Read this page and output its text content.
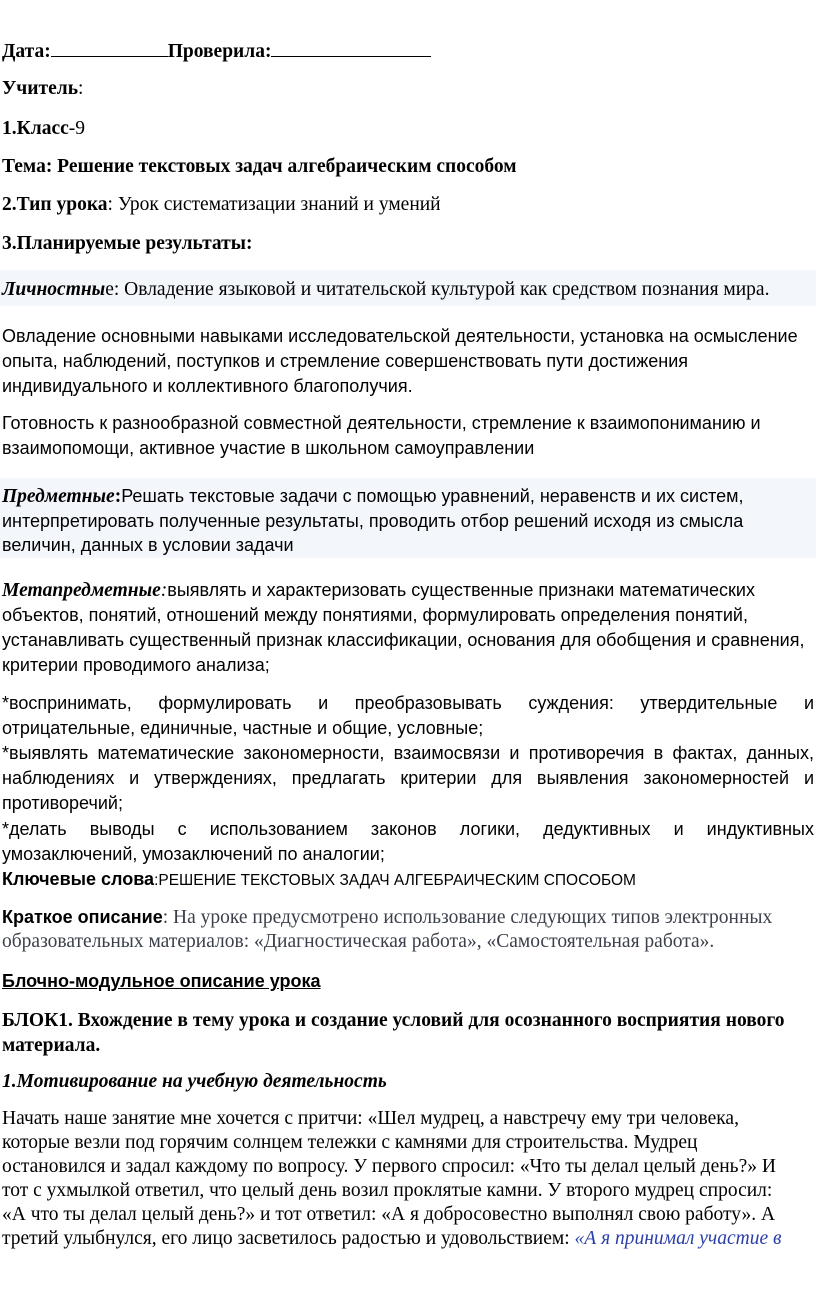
Дата:	Проверила:
Учитель:
1.Класс-9
Тема: Решение текстовых задач алгебраическим способом
2.Тип урока: Урок систематизации знаний и умений
3.Планируемые результаты:
Личностные: Овладение языковой и читательской культурой как средством познания мира.
Овладение основными навыками исследовательской деятельности, установка на осмысление
опыта, наблюдений, поступков и стремление совершенствовать пути достижения
индивидуального и коллективного благополучия.
Готовность к разнообразной совместной деятельности, стремление к взаимопониманию и
взаимопомощи, активное участие в школьном самоуправлении
Предметные:Решать текстовые задачи с помощью уравнений, неравенств и их систем,
интерпретировать полученные результаты, проводить отбор решений исходя из смысла
величин, данных в условии задачи
Метапредметные:выявлять и характеризовать существенные признаки математических
объектов, понятий, отношений между понятиями, формулировать определения понятий,
устанавливать существенный признак классификации, основания для обобщения и сравнения,
критерии проводимого анализа;
*воспринимать, формулировать и преобразовывать суждения: утвердительные и
отрицательные, единичные, частные и общие, условные;
*выявлять математические закономерности, взаимосвязи и противоречия в фактах, данных,
наблюдениях и утверждениях, предлагать критерии для выявления закономерностей и
противоречий;
*делать выводы с использованием законов логики, дедуктивных и индуктивных
умозаключений, умозаключений по аналогии;
Ключевые слова:РЕШЕНИЕ ТЕКСТОВЫХ ЗАДАЧ АЛГЕБРАИЧЕСКИМ СПОСОБОМ
Краткое описание: На уроке предусмотрено использование следующих типов электронных
образовательных материалов: «Диагностическая работа», «Самостоятельная работа».
Блочно-модульное описание урока
БЛОК1. Вхождение в тему урока и создание условий для осознанного восприятия нового
материала.
1.Мотивирование на учебную деятельность
Начать наше занятие мне хочется с притчи: «Шел мудрец, а навстречу ему три человека,
которые везли под горячим солнцем тележки с камнями для строительства. Мудрец
остановился и задал каждому по вопросу. У первого спросил: «Что ты делал целый день?» И
тот с ухмылкой ответил, что целый день возил проклятые камни. У второго мудрец спросил:
«А что ты делал целый день?» и тот ответил: «А я добросовестно выполнял свою работу». А
третий улыбнулся, его лицо засветилось радостью и удовольствием: «А я принимал участие в
